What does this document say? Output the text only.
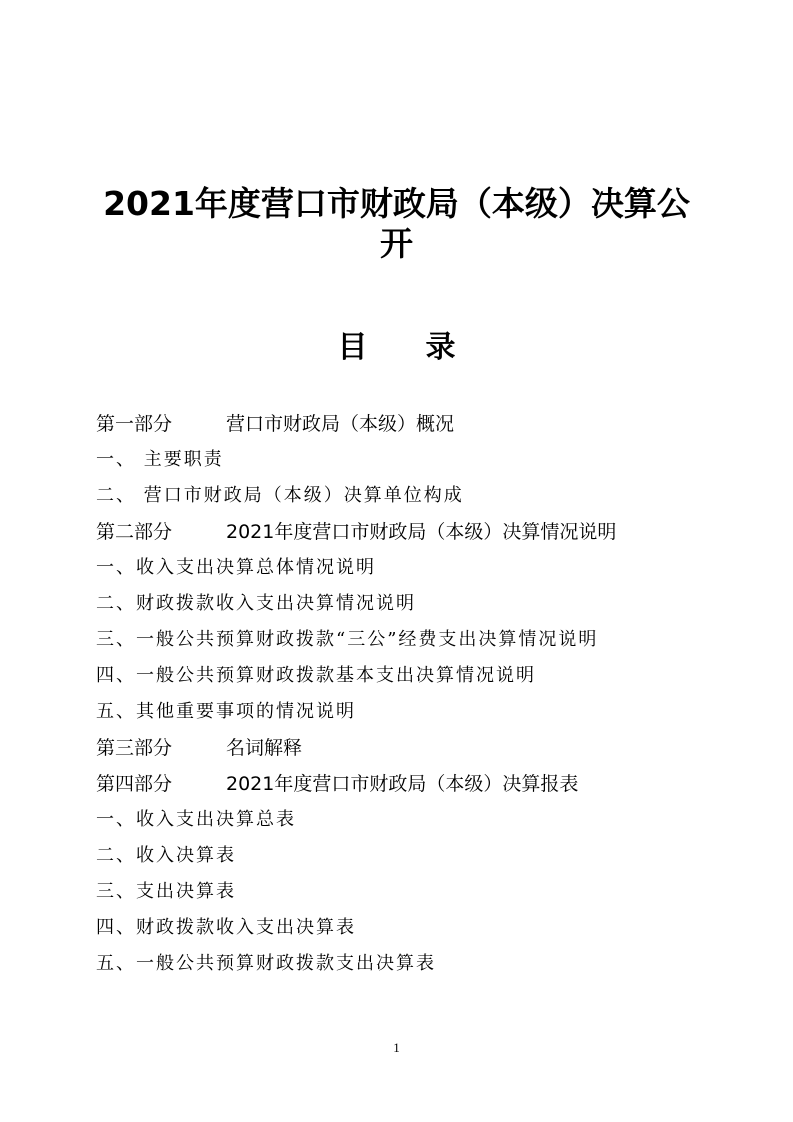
2021年度营口市财政局（本级）决算公
开
目 录
第一部分	营口市财政局（本级）概况
一、 主要职责
二、 营口市财政局（本级）决算单位构成
第二部分	2021年度营口市财政局（本级）决算情况说明
一、收入支出决算总体情况说明
二、财政拨款收入支出决算情况说明
三、一般公共预算财政拨款“三公”经费支出决算情况说明
四、一般公共预算财政拨款基本支出决算情况说明
五、其他重要事项的情况说明
第三部分	名词解释
第四部分	2021年度营口市财政局（本级）决算报表
一、收入支出决算总表
二、收入决算表
三、支出决算表
四、财政拨款收入支出决算表
五、一般公共预算财政拨款支出决算表
1
